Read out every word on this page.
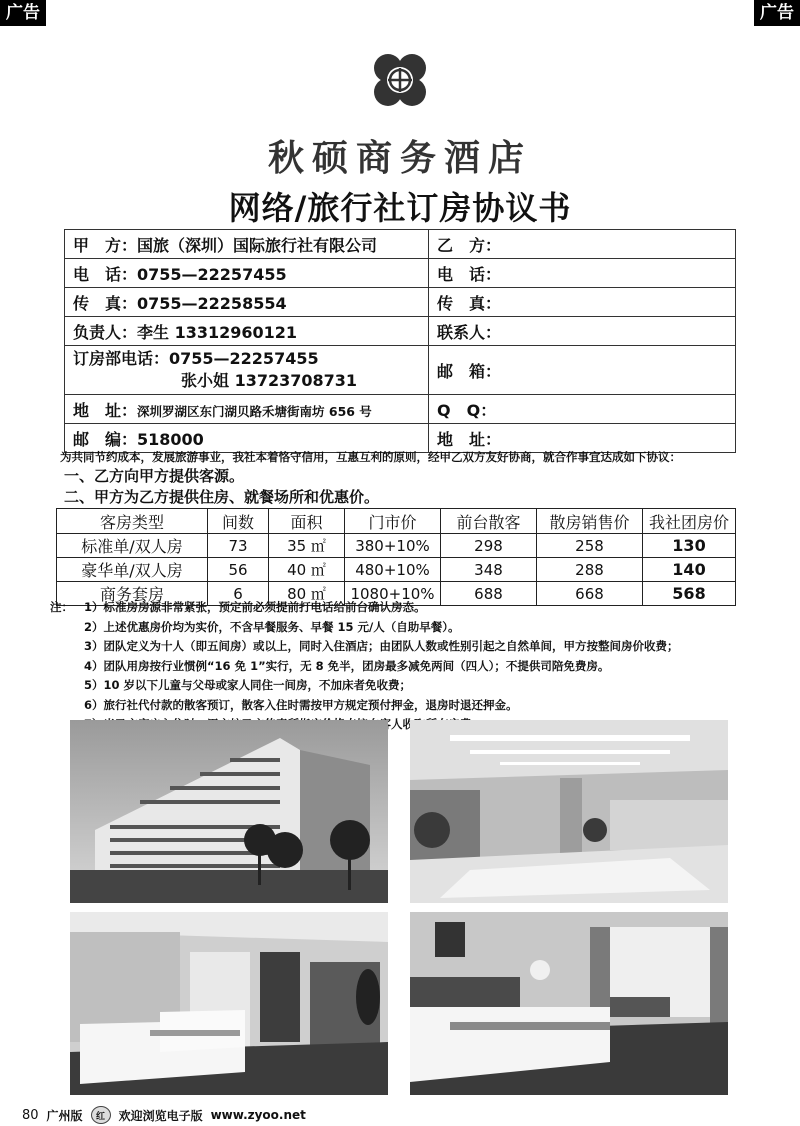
广告	广告
秋硕商务酒店
网络/旅行社订房协议书
甲　方：国旅（深圳）国际旅行社有限公司	乙　方：
电　话：0755—22257455	电　话：
传　真：0755—22258554	传　真：
负责人：李生 13312960121	联系人：

订房部电话：0755—22257455
张小姐 13723708731	邮　箱：
地　址：深圳罗湖区东门湖贝路禾塘街南坊 656 号	Q　Q：
邮　编：518000	地　址：
为共同节约成本，发展旅游事业，我社本着恪守信用，互惠互利的原则，经甲乙双方友好协商，就合作事宜达成如下协议：
一、乙方向甲方提供客源。
二、甲方为乙方提供住房、就餐场所和优惠价。
客房类型	间数	面积	门市价	前台散客	散房销售价	我社团房价
标准单/双人房	73	35 ㎡	380+10%	298	258	130
豪华单/双人房	56	40 ㎡	480+10%	348	288	140
商务套房	6	80 ㎡	1080+10%	688	668	568
注： 1）标准房房源非常紧张，预定前必须提前打电话给前台确认房态。
2）上述优惠房价均为实价，不含早餐服务、早餐 15 元/人（自助早餐）。
3）团队定义为十人（即五间房）或以上，同时入住酒店；由团队人数或性别引起之自然单间，甲方按整间房价收费；
4）团队用房按行业惯例“16 免 1”实行，无 8 免半，团房最多减免两间（四人）；不提供司陪免费房。
5）10 岁以下儿童与父母或家人同住一间房，不加床者免收费；
6）旅行社代付款的散客预订，散客入住时需按甲方规定预付押金，退房时退还押金。
80 广州版	红	欢迎浏览电子版 www.zyoo.net
